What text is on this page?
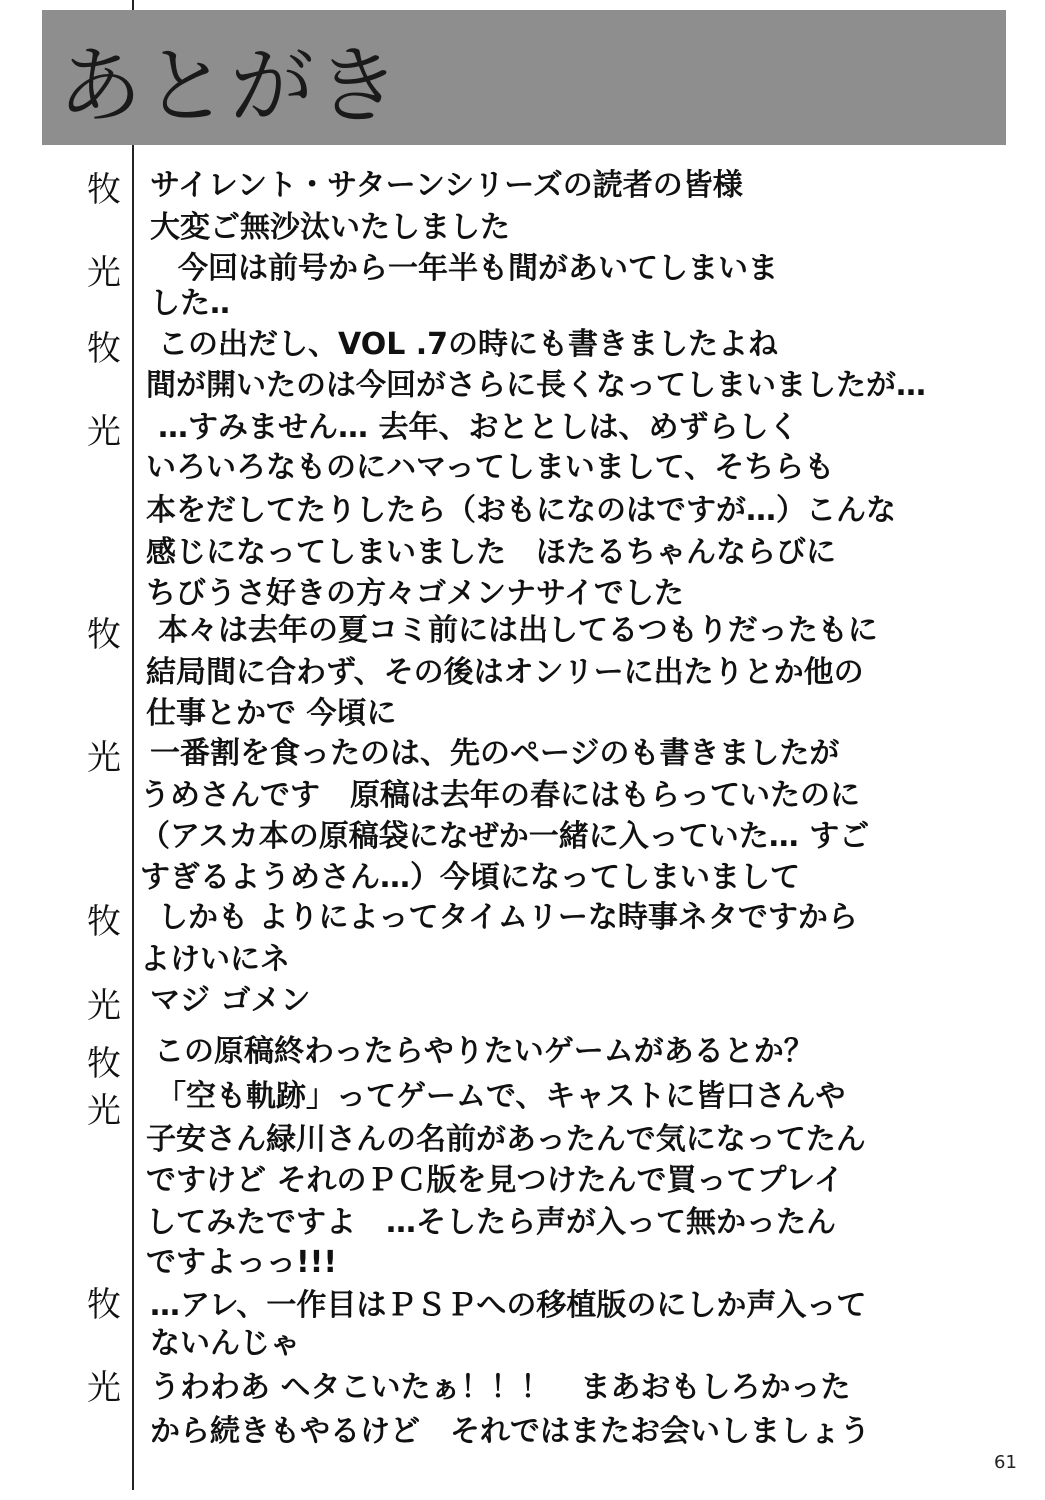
あとがき
牧
光
牧
光
牧
光
牧
光
牧
光
牧
光
サイレント・サターンシリーズの読者の皆様
大変ご無沙汰いたしました
今回は前号から一年半も間があいてしまいま
した‥
この出だし、VOL .7の時にも書きましたよね
間が開いたのは今回がさらに長くなってしまいましたが…
…すみません… 去年、おととしは、めずらしく
いろいろなものにハマってしまいまして、そちらも
本をだしてたりしたら（おもになのはですが…）こんな
感じになってしまいました　ほたるちゃんならびに
ちびうさ好きの方々ゴメンナサイでした
本々は去年の夏コミ前には出してるつもりだったもに
結局間に合わず、その後はオンリーに出たりとか他の
仕事とかで 今頃に
一番割を食ったのは、先のページのも書きましたが
うめさんです　原稿は去年の春にはもらっていたのに
（アスカ本の原稿袋になぜか一緒に入っていた… すご
すぎるようめさん…）今頃になってしまいまして
しかも よりによってタイムリーな時事ネタですから
よけいにネ
マジ ゴメン
この原稿終わったらやりたいゲームがあるとか？
「空も軌跡」ってゲームで、キャストに皆口さんや
子安さん緑川さんの名前があったんで気になってたん
ですけど それのＰＣ版を見つけたんで買ってプレイ
してみたですよ　…そしたら声が入って無かったん
ですよっっ!!!
…アレ、一作目はＰＳＰへの移植版のにしか声入って
ないんじゃ
うわわあ ヘタこいたぁ！！！　まあおもしろかった
から続きもやるけど　それではまたお会いしましょう
61
